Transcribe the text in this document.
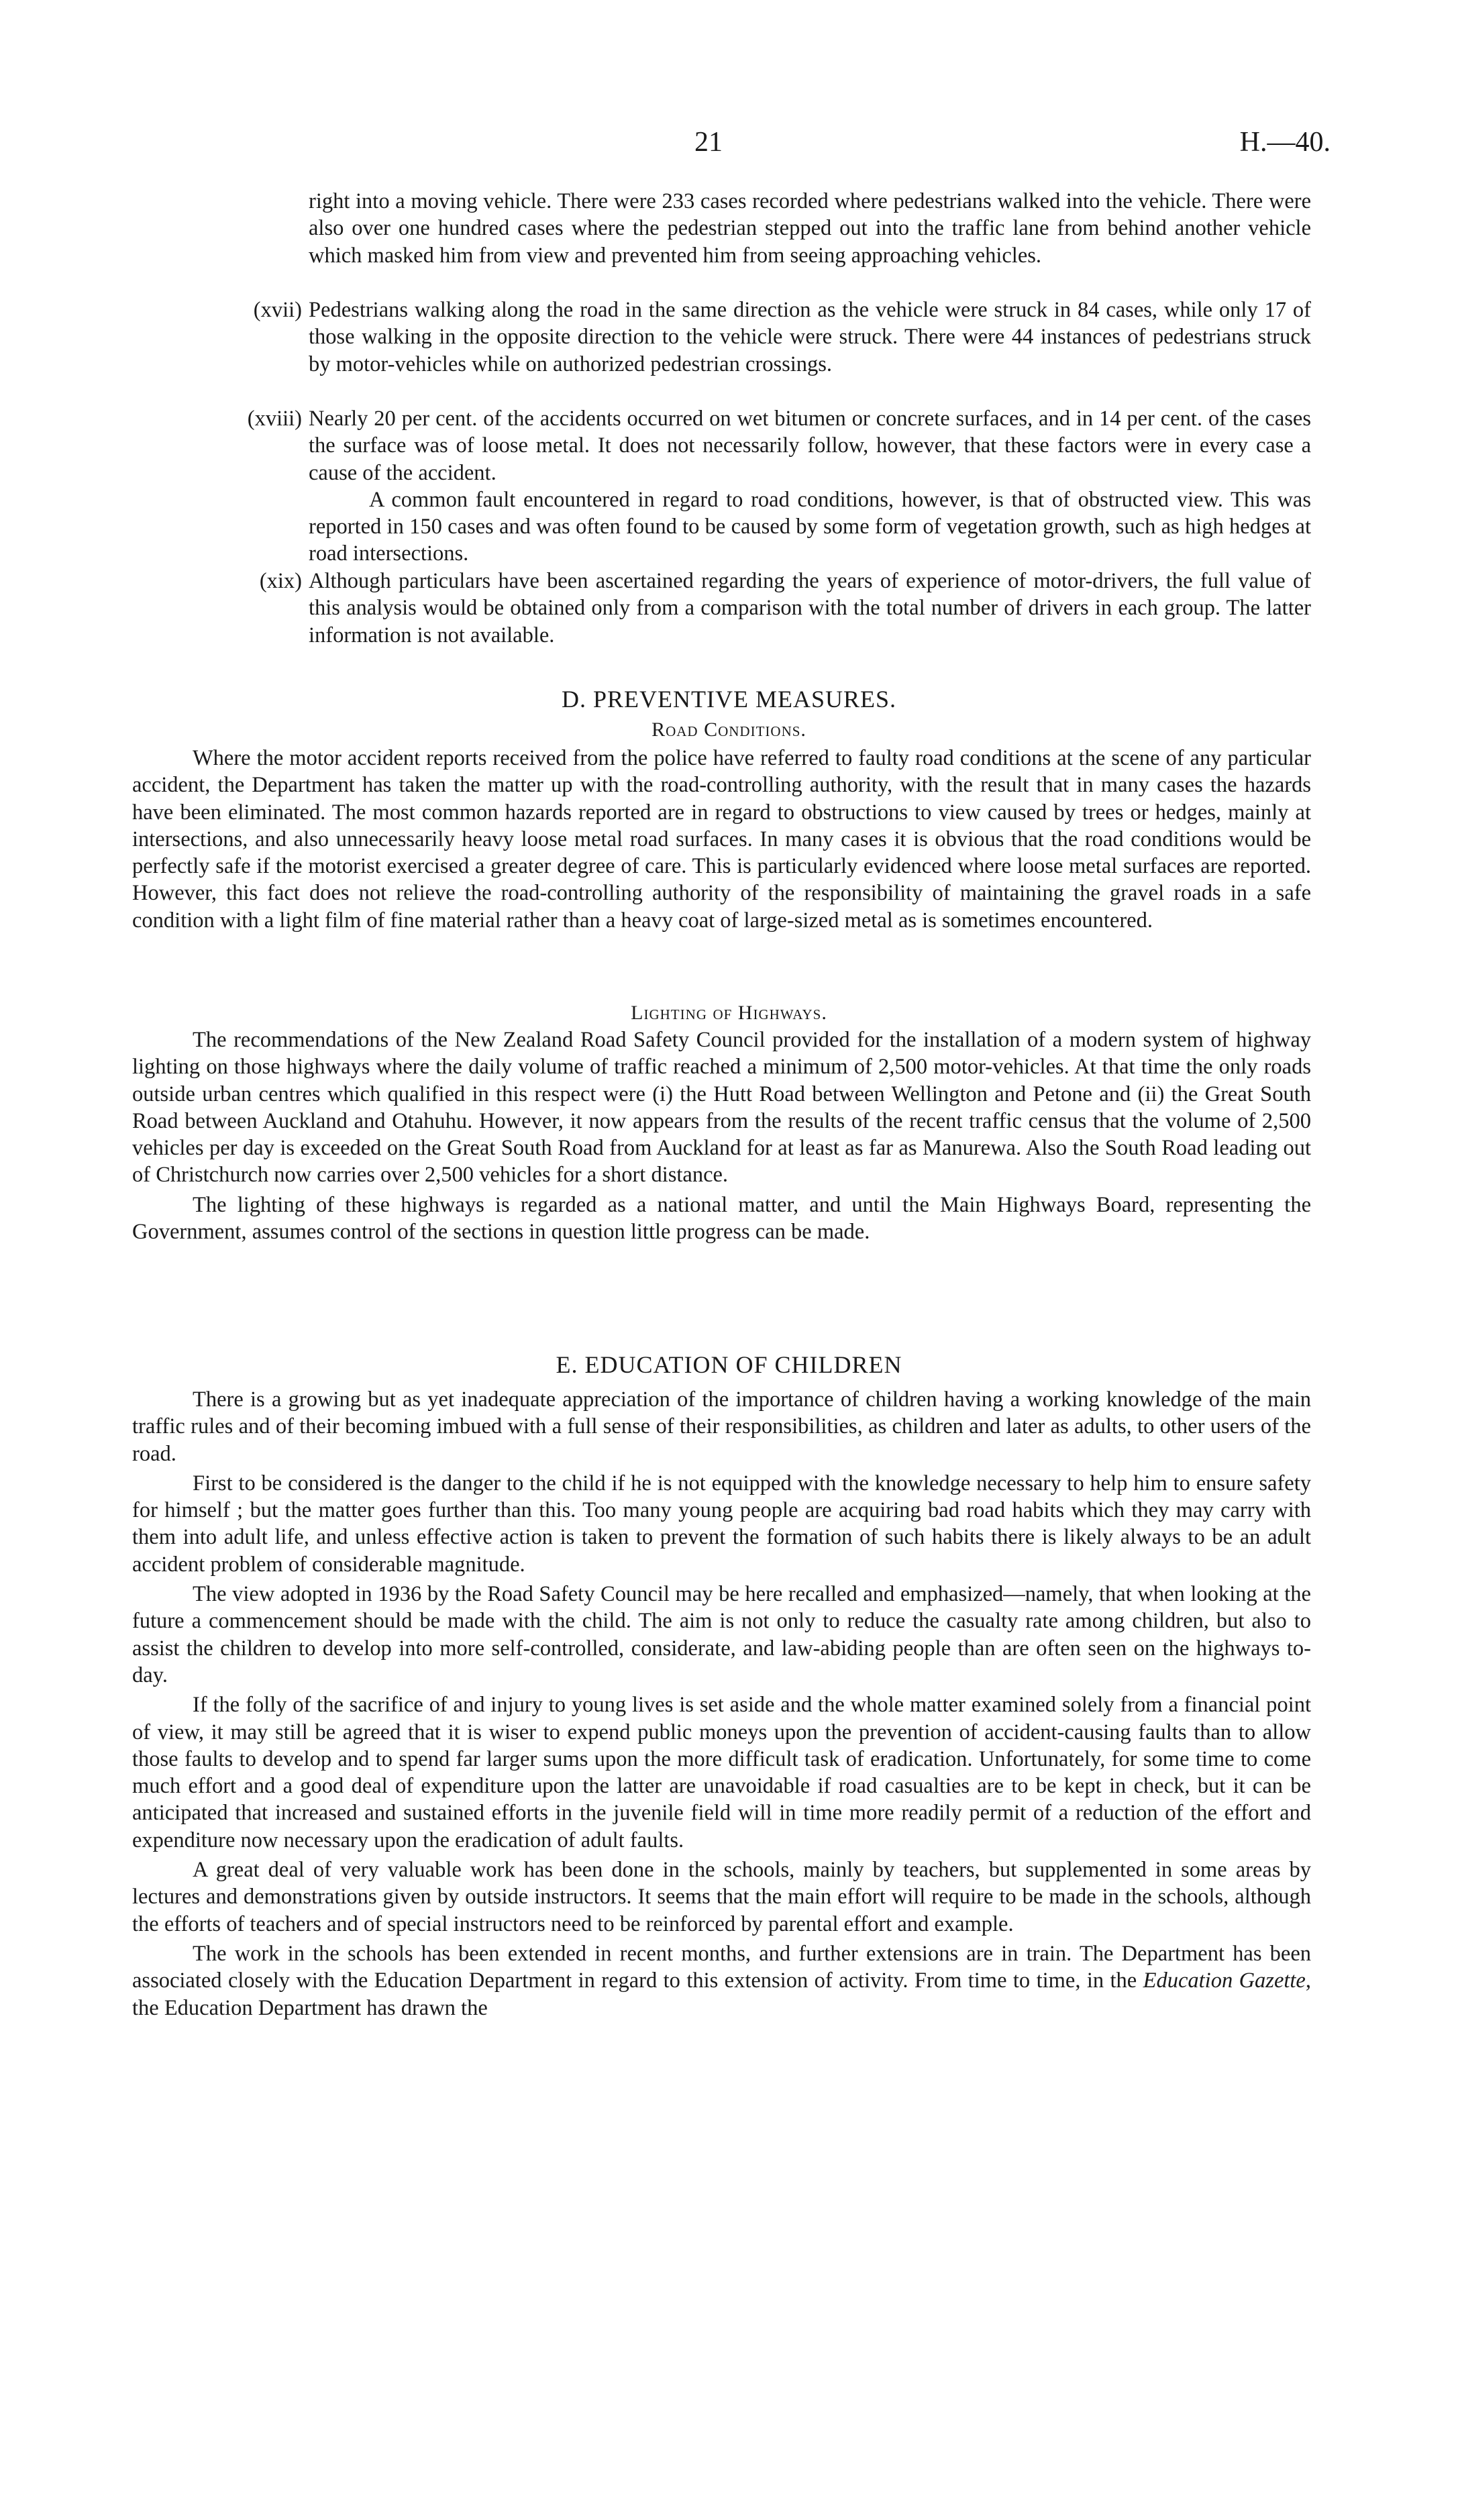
21	H.—40.

right into a moving vehicle. There were 233 cases recorded where pedestrians walked into the vehicle. There were also over one hundred cases where the pedestrian stepped out into the traffic lane from behind another vehicle which masked him from view and prevented him from seeing approaching vehicles.

(xvii) Pedestrians walking along the road in the same direction as the vehicle were struck in 84 cases, while only 17 of those walking in the opposite direction to the vehicle were struck. There were 44 instances of pedestrians struck by motor-vehicles while on authorized pedestrian crossings.

(xviii) Nearly 20 per cent. of the accidents occurred on wet bitumen or concrete surfaces, and in 14 per cent. of the cases the surface was of loose metal. It does not necessarily follow, however, that these factors were in every case a cause of the accident.

A common fault encountered in regard to road conditions, however, is that of obstructed view. This was reported in 150 cases and was often found to be caused by some form of vegetation growth, such as high hedges at road intersections.

(xix) Although particulars have been ascertained regarding the years of experience of motor-drivers, the full value of this analysis would be obtained only from a comparison with the total number of drivers in each group. The latter information is not available.

D. PREVENTIVE MEASURES.
Road Conditions.

Where the motor accident reports received from the police have referred to faulty road conditions at the scene of any particular accident, the Department has taken the matter up with the road-controlling authority, with the result that in many cases the hazards have been eliminated. The most common hazards reported are in regard to obstructions to view caused by trees or hedges, mainly at intersections, and also unnecessarily heavy loose metal road surfaces. In many cases it is obvious that the road conditions would be perfectly safe if the motorist exercised a greater degree of care. This is particularly evidenced where loose metal surfaces are reported. However, this fact does not relieve the road-controlling authority of the responsibility of maintaining the gravel roads in a safe condition with a light film of fine material rather than a heavy coat of large-sized metal as is sometimes encountered.

Lighting of Highways.

The recommendations of the New Zealand Road Safety Council provided for the installation of a modern system of highway lighting on those highways where the daily volume of traffic reached a minimum of 2,500 motor-vehicles. At that time the only roads outside urban centres which qualified in this respect were (i) the Hutt Road between Wellington and Petone and (ii) the Great South Road between Auckland and Otahuhu. However, it now appears from the results of the recent traffic census that the volume of 2,500 vehicles per day is exceeded on the Great South Road from Auckland for at least as far as Manurewa. Also the South Road leading out of Christchurch now carries over 2,500 vehicles for a short distance.

The lighting of these highways is regarded as a national matter, and until the Main Highways Board, representing the Government, assumes control of the sections in question little progress can be made.

E. EDUCATION OF CHILDREN

There is a growing but as yet inadequate appreciation of the importance of children having a working knowledge of the main traffic rules and of their becoming imbued with a full sense of their responsibilities, as children and later as adults, to other users of the road.

First to be considered is the danger to the child if he is not equipped with the knowledge necessary to help him to ensure safety for himself ; but the matter goes further than this. Too many young people are acquiring bad road habits which they may carry with them into adult life, and unless effective action is taken to prevent the formation of such habits there is likely always to be an adult accident problem of considerable magnitude.

The view adopted in 1936 by the Road Safety Council may be here recalled and emphasized—namely, that when looking at the future a commencement should be made with the child. The aim is not only to reduce the casualty rate among children, but also to assist the children to develop into more self-controlled, considerate, and law-abiding people than are often seen on the highways to-day.

If the folly of the sacrifice of and injury to young lives is set aside and the whole matter examined solely from a financial point of view, it may still be agreed that it is wiser to expend public moneys upon the prevention of accident-causing faults than to allow those faults to develop and to spend far larger sums upon the more difficult task of eradication. Unfortunately, for some time to come much effort and a good deal of expenditure upon the latter are unavoidable if road casualties are to be kept in check, but it can be anticipated that increased and sustained efforts in the juvenile field will in time more readily permit of a reduction of the effort and expenditure now necessary upon the eradication of adult faults.

A great deal of very valuable work has been done in the schools, mainly by teachers, but supplemented in some areas by lectures and demonstrations given by outside instructors. It seems that the main effort will require to be made in the schools, although the efforts of teachers and of special instructors need to be reinforced by parental effort and example.

The work in the schools has been extended in recent months, and further extensions are in train. The Department has been associated closely with the Education Department in regard to this extension of activity. From time to time, in the Education Gazette, the Education Department has drawn the
